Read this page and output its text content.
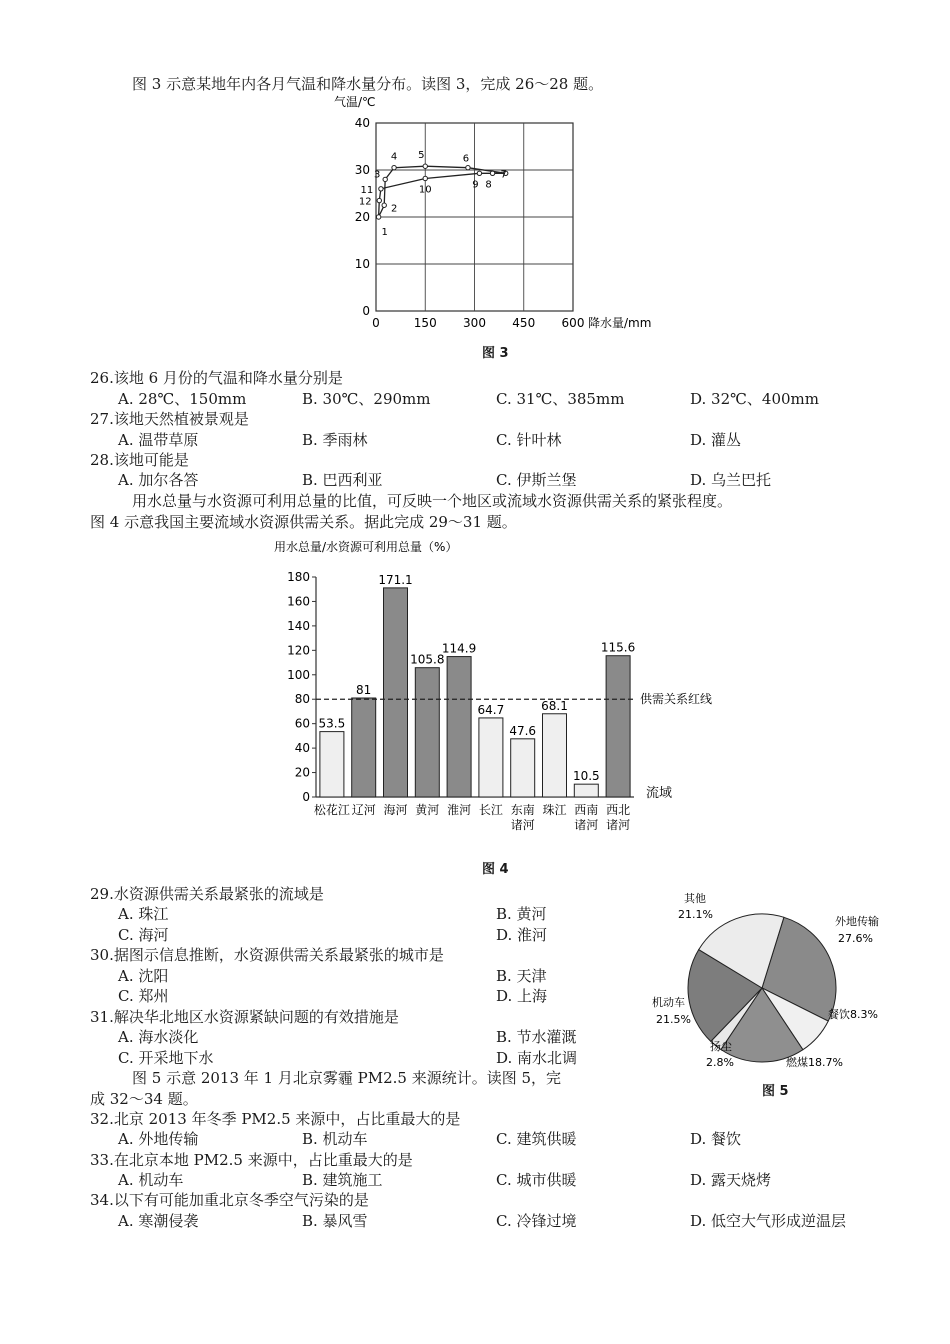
图 3 示意某地年内各月气温和降水量分布。读图 3，完成 26～28 题。
气温/℃
0
10
20
30
40
0	150 300 450 600 降水量/mm
1
2
3
4 5	6
7
8
9
10
11
12
图 3
26.该地 6 月份的气温和降水量分别是
A. 28℃、150mm	B. 30℃、290mm	C. 31℃、385mm	D. 32℃、400mm
27.该地天然植被景观是
A. 温带草原	B. 季雨林	C. 针叶林	D. 灌丛
28.该地可能是
A. 加尔各答	B. 巴西利亚	C. 伊斯兰堡	D. 乌兰巴托
用水总量与水资源可利用总量的比值，可反映一个地区或流域水资源供需关系的紧张程度。
图 4 示意我国主要流域水资源供需关系。据此完成 29～31 题。
用水总量/水资源可利用总量（%）
0
20
40
60
80
100
120
140
160
180
53.5
81
171.1
105.8
114.9
64.7
47.6
68.1
10.5
115.6
松花江 辽河 海河 黄河 淮河 长江 东南
诸河
珠江 西南
诸河
西北
诸河
供需关系红线
流域
图 4
29.水资源供需关系最紧张的流域是
A. 珠江	B. 黄河
C. 海河	D. 淮河
30.据图示信息推断，水资源供需关系最紧张的城市是
A. 沈阳	B. 天津
C. 郑州	D. 上海
31.解决华北地区水资源紧缺问题的有效措施是
A. 海水淡化	B. 节水灌溉
C. 开采地下水	D. 南水北调
图 5 示意 2013 年 1 月北京雾霾 PM2.5 来源统计。读图 5，完
成 32～34 题。
外地传输
27.6%
餐饮8.3%
燃煤18.7%
扬尘
2.8%
机动车
21.5%
其他
21.1%
图 5
32.北京 2013 年冬季 PM2.5 来源中，占比重最大的是
A. 外地传输	B. 机动车	C. 建筑供暖	D. 餐饮
33.在北京本地 PM2.5 来源中，占比重最大的是
A. 机动车	B. 建筑施工	C. 城市供暖	D. 露天烧烤
34.以下有可能加重北京冬季空气污染的是
A. 寒潮侵袭	B. 暴风雪	C. 冷锋过境	D. 低空大气形成逆温层
